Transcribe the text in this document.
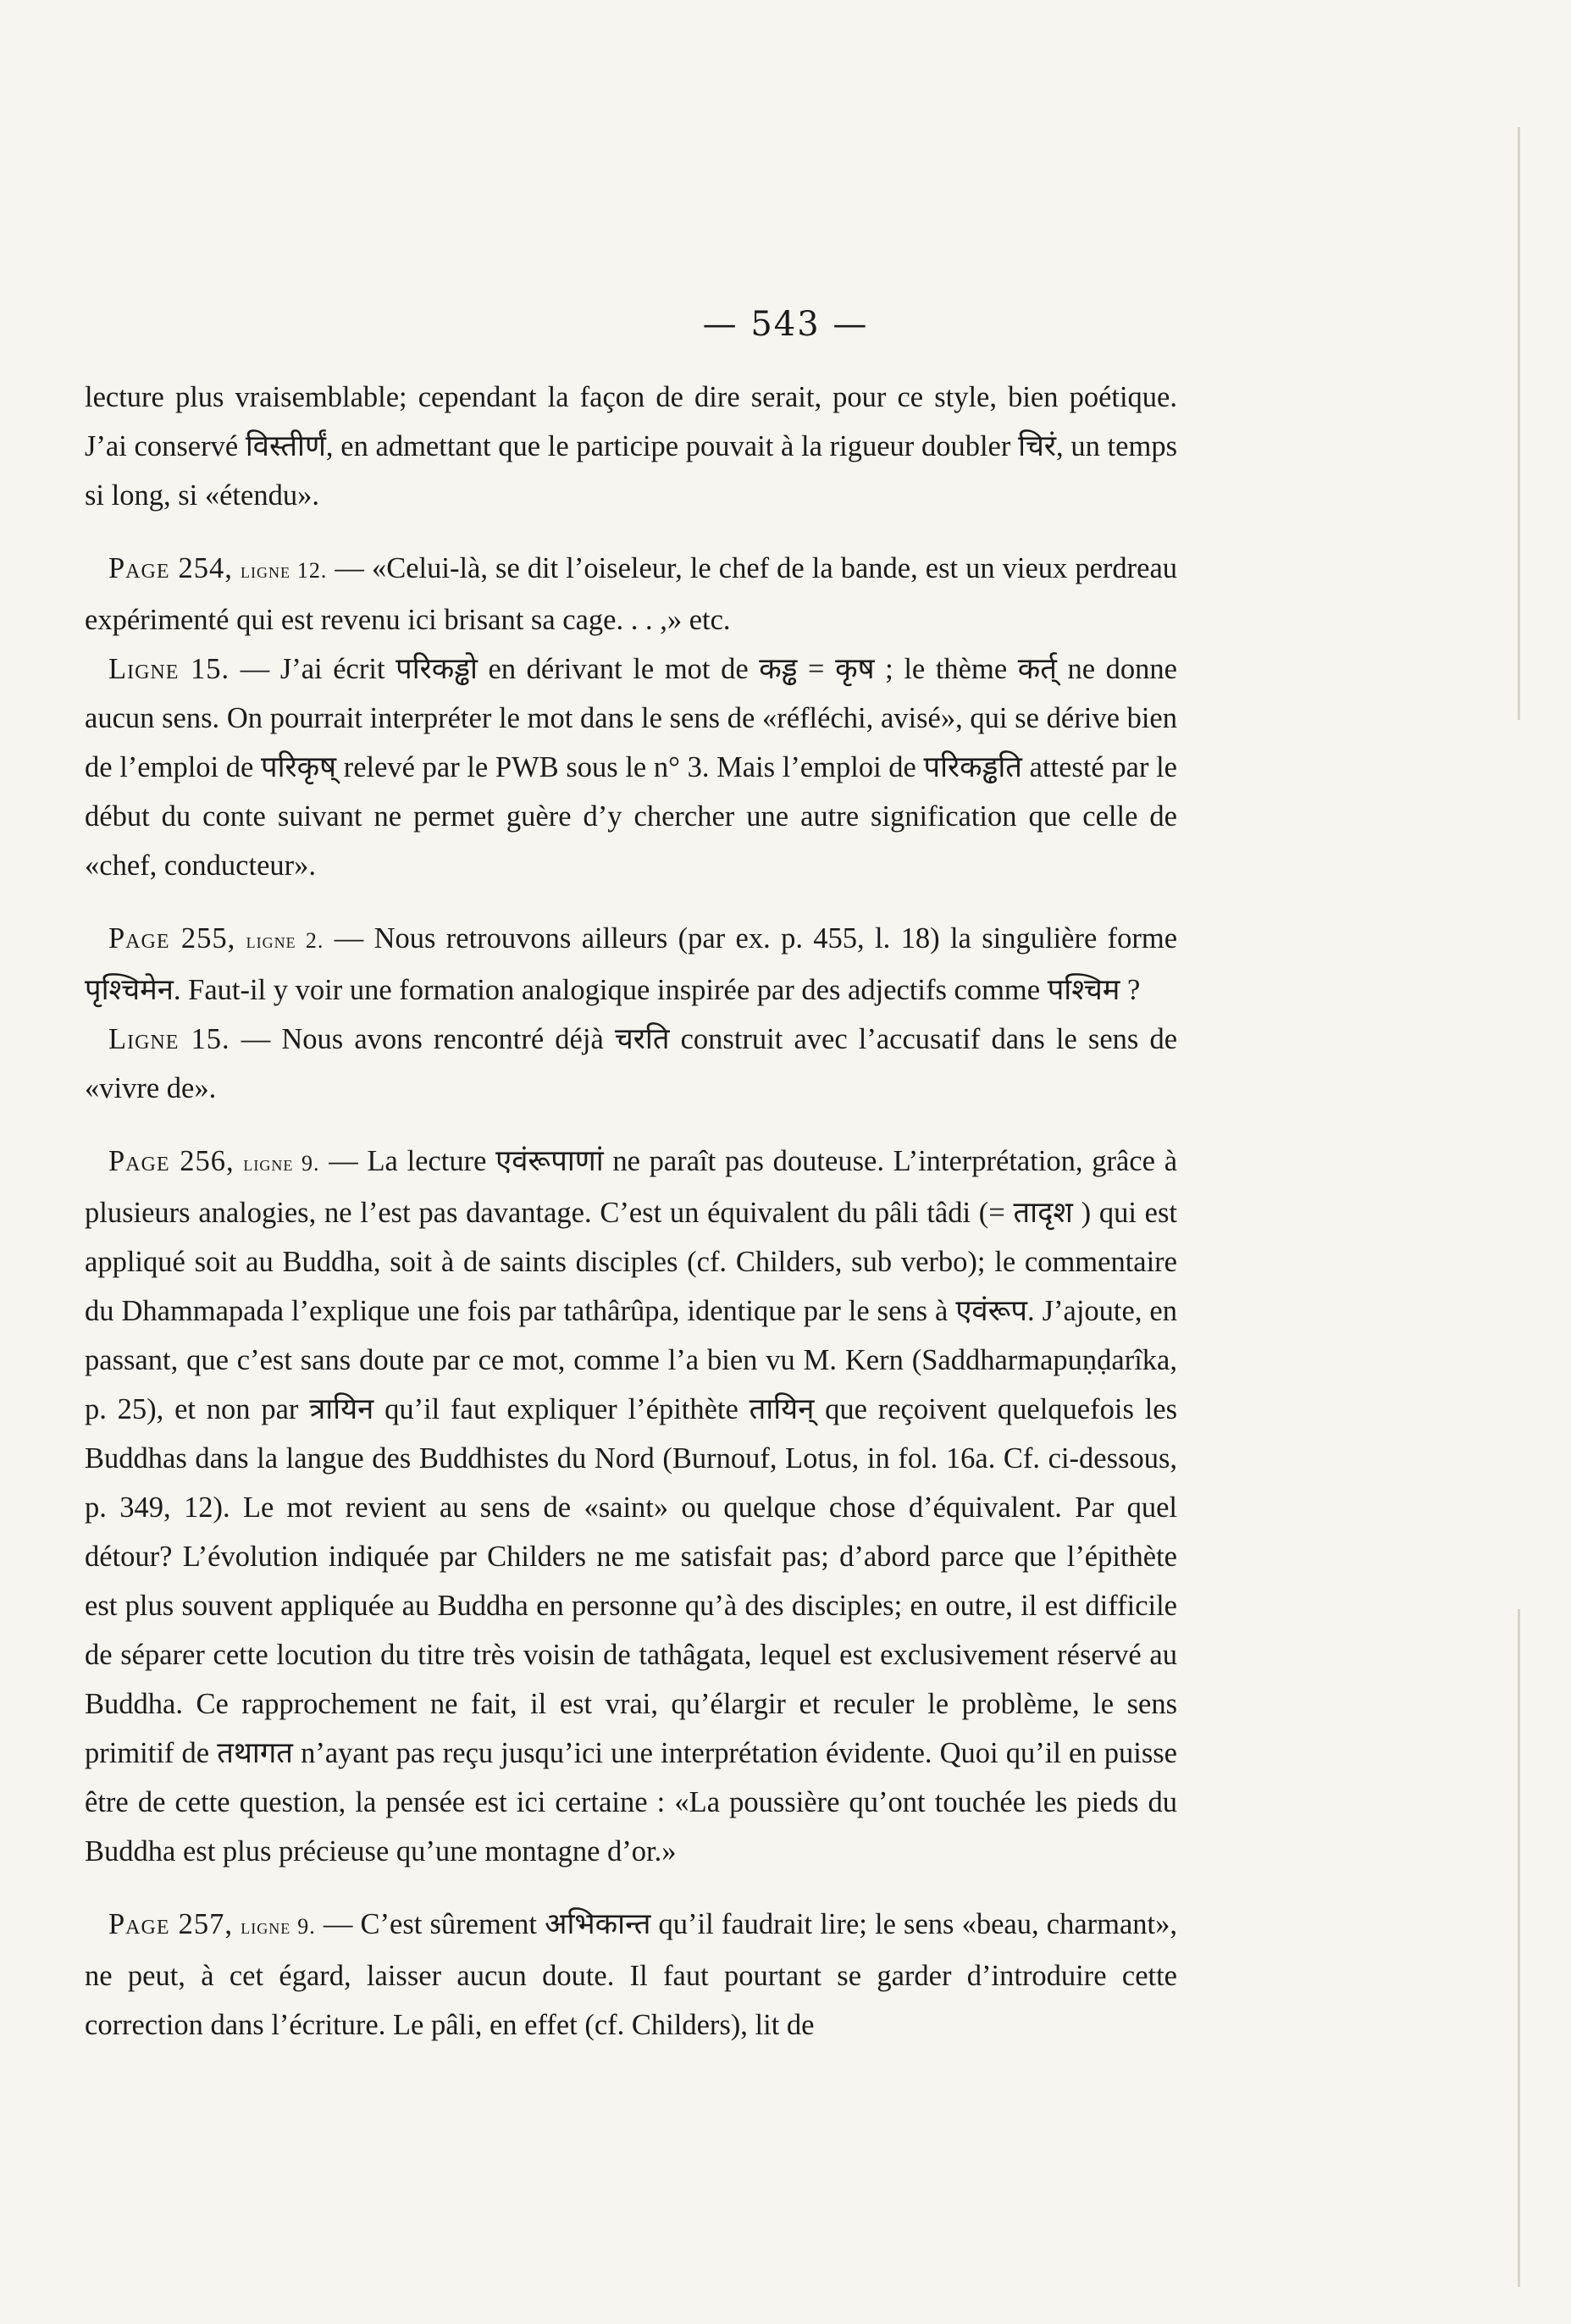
— 543 —

lecture plus vraisemblable; cependant la façon de dire serait, pour ce style, bien poétique. J’ai conservé विस्तीर्णं, en admettant que le participe pouvait à la rigueur doubler चिरं, un temps si long, si «étendu».

Page 254, ligne 12. — «Celui-là, se dit l’oiseleur, le chef de la bande, est un vieux perdreau expérimenté qui est revenu ici brisant sa cage. . . ,» etc.

Ligne 15. — J’ai écrit परिकड्ढो en dérivant le mot de कड्ढ = कृष ; le thème कर्त् ne donne aucun sens. On pourrait interpréter le mot dans le sens de «réfléchi, avisé», qui se dérive bien de l’emploi de परिकृष् relevé par le PWB sous le n° 3. Mais l’emploi de परिकड्ढति attesté par le début du conte suivant ne permet guère d’y chercher une autre signification que celle de «chef, conducteur».

Page 255, ligne 2. — Nous retrouvons ailleurs (par ex. p. 455, l. 18) la singulière forme पृश्चिमेन. Faut-il y voir une formation analogique inspirée par des adjectifs comme पश्चिम ?

Ligne 15. — Nous avons rencontré déjà चरति construit avec l’accusatif dans le sens de «vivre de».

Page 256, ligne 9. — La lecture एवंरूपाणां ne paraît pas douteuse. L’interprétation, grâce à plusieurs analogies, ne l’est pas davantage. C’est un équivalent du pâli tâdi (= तादृश ) qui est appliqué soit au Buddha, soit à de saints disciples (cf. Childers, sub verbo); le commentaire du Dhammapada l’explique une fois par tathârûpa, identique par le sens à एवंरूप. J’ajoute, en passant, que c’est sans doute par ce mot, comme l’a bien vu M. Kern (Saddharmapuṇḍarîka, p. 25), et non par त्रायिन qu’il faut expliquer l’épithète तायिन् que reçoivent quelquefois les Buddhas dans la langue des Buddhistes du Nord (Burnouf, Lotus, in fol. 16a. Cf. ci-dessous, p. 349, 12). Le mot revient au sens de «saint» ou quelque chose d’équivalent. Par quel détour? L’évolution indiquée par Childers ne me satisfait pas; d’abord parce que l’épithète est plus souvent appliquée au Buddha en personne qu’à des disciples; en outre, il est difficile de séparer cette locution du titre très voisin de tathâgata, lequel est exclusivement réservé au Buddha. Ce rapprochement ne fait, il est vrai, qu’élargir et reculer le problème, le sens primitif de तथागत n’ayant pas reçu jusqu’ici une interprétation évidente. Quoi qu’il en puisse être de cette question, la pensée est ici certaine : «La poussière qu’ont touchée les pieds du Buddha est plus précieuse qu’une montagne d’or.»

Page 257, ligne 9. — C’est sûrement अभिकान्त qu’il faudrait lire; le sens «beau, charmant», ne peut, à cet égard, laisser aucun doute. Il faut pourtant se garder d’introduire cette correction dans l’écriture. Le pâli, en effet (cf. Childers), lit de
